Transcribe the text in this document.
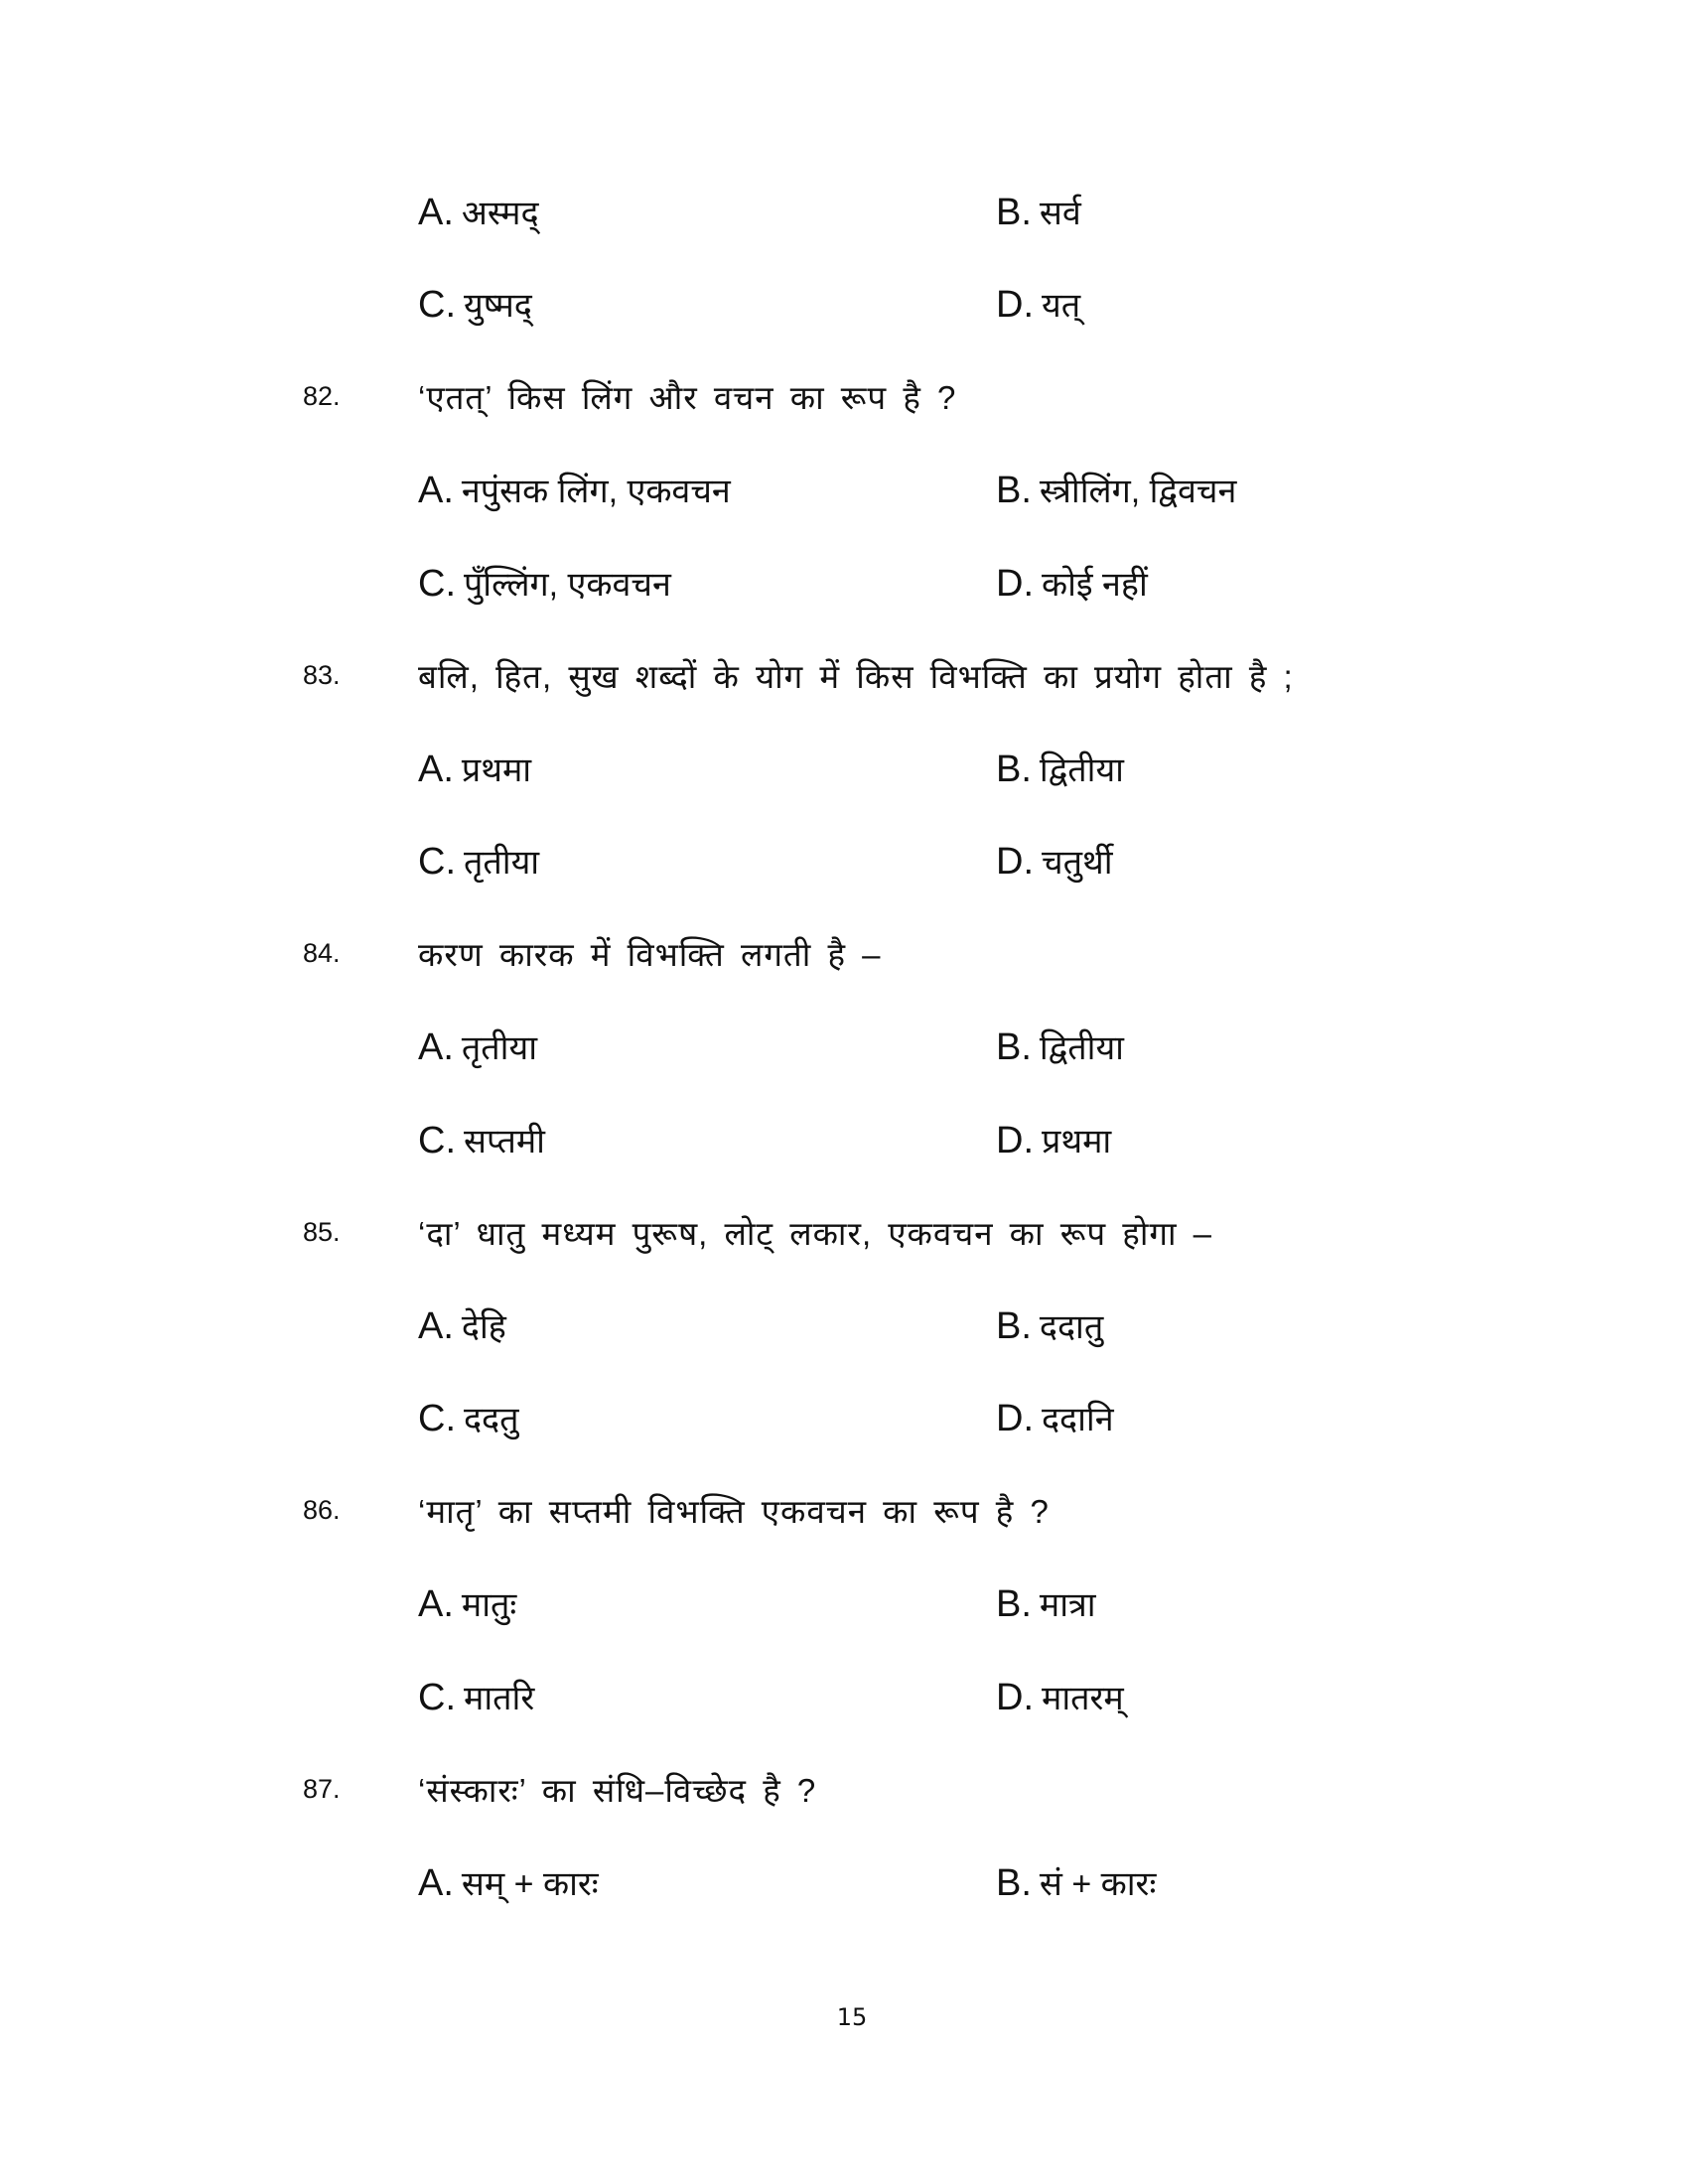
A. अस्मद्	B. सर्व
C. युष्मद्	D. यत्
82. ‘एतत्’ किस लिंग और वचन का रूप है ?
A. नपुंसक लिंग, एकवचन	B. स्त्रीलिंग, द्विवचन
C. पुँल्लिंग, एकवचन	D. कोई नहीं
83. बलि, हित, सुख शब्दों के योग में किस विभक्ति का प्रयोग होता है ;
A. प्रथमा	B. द्वितीया
C. तृतीया	D. चतुर्थी
84. करण कारक में विभक्ति लगती है –
A. तृतीया	B. द्वितीया
C. सप्तमी	D. प्रथमा
85. ‘दा’ धातु मध्यम पुरूष, लोट् लकार, एकवचन का रूप होगा –
A. देहि	B. ददातु
C. ददतु	D. ददानि
86. ‘मातृ’ का सप्तमी विभक्ति एकवचन का रूप है ?
A. मातुः	B. मात्रा
C. मातरि	D. मातरम्
87. ‘संस्कारः’ का संधि–विच्छेद है ?
A. सम् + कारः	B. सं + कारः
15
